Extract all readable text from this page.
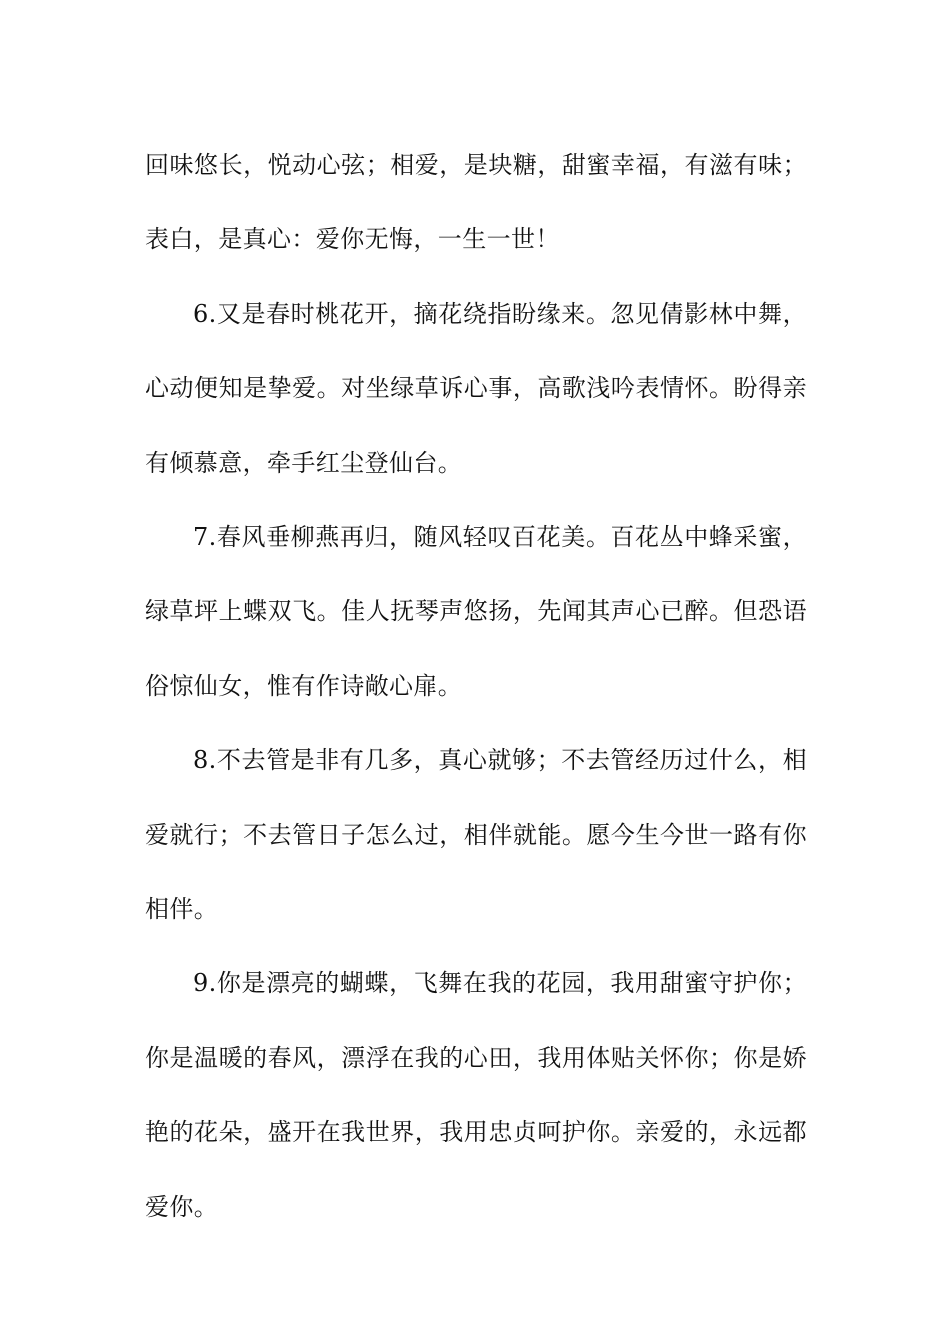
回味悠长，悦动心弦；相爱，是块糖，甜蜜幸福，有滋有味；表白，是真心：爱你无悔，一生一世！

6.又是春时桃花开，摘花绕指盼缘来。忽见倩影林中舞，心动便知是挚爱。对坐绿草诉心事，高歌浅吟表情怀。盼得亲有倾慕意，牵手红尘登仙台。

7.春风垂柳燕再归，随风轻叹百花美。百花丛中蜂采蜜，绿草坪上蝶双飞。佳人抚琴声悠扬，先闻其声心已醉。但恐语俗惊仙女，惟有作诗敞心扉。

8.不去管是非有几多，真心就够；不去管经历过什么，相爱就行；不去管日子怎么过，相伴就能。愿今生今世一路有你相伴。

9.你是漂亮的蝴蝶，飞舞在我的花园，我用甜蜜守护你；你是温暖的春风，漂浮在我的心田，我用体贴关怀你；你是娇艳的花朵，盛开在我世界，我用忠贞呵护你。亲爱的，永远都爱你。
